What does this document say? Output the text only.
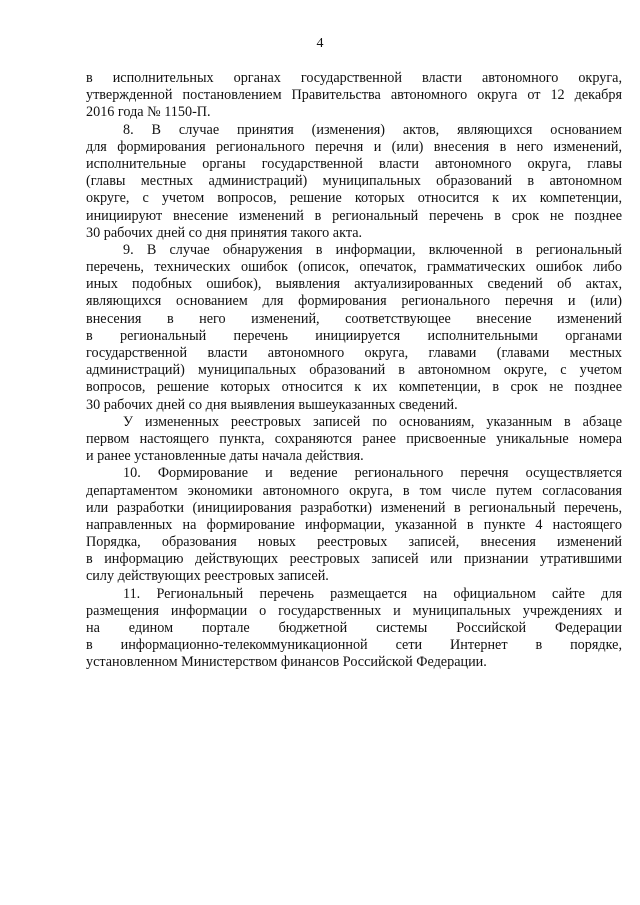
4
в исполнительных органах государственной власти автономного округа,
утвержденной постановлением Правительства автономного округа от 12 декабря
2016 года № 1150-П.
8. В случае принятия (изменения) актов, являющихся основанием
для формирования регионального перечня и (или) внесения в него изменений,
исполнительные органы государственной власти автономного округа, главы
(главы местных администраций) муниципальных образований в автономном
округе, с учетом вопросов, решение которых относится к их компетенции,
инициируют внесение изменений в региональный перечень в срок не позднее
30 рабочих дней со дня принятия такого акта.
9. В случае обнаружения в информации, включенной в региональный
перечень, технических ошибок (описок, опечаток, грамматических ошибок либо
иных подобных ошибок), выявления актуализированных сведений об актах,
являющихся основанием для формирования регионального перечня и (или)
внесения в него изменений, соответствующее внесение изменений
в региональный перечень инициируется исполнительными органами
государственной власти автономного округа, главами (главами местных
администраций) муниципальных образований в автономном округе, с учетом
вопросов, решение которых относится к их компетенции, в срок не позднее
30 рабочих дней со дня выявления вышеуказанных сведений.
У измененных реестровых записей по основаниям, указанным в абзаце
первом настоящего пункта, сохраняются ранее присвоенные уникальные номера
и ранее установленные даты начала действия.
10. Формирование и ведение регионального перечня осуществляется
департаментом экономики автономного округа, в том числе путем согласования
или разработки (инициирования разработки) изменений в региональный перечень,
направленных на формирование информации, указанной в пункте 4 настоящего
Порядка, образования новых реестровых записей, внесения изменений
в информацию действующих реестровых записей или признании утратившими
силу действующих реестровых записей.
11. Региональный перечень размещается на официальном сайте для
размещения информации о государственных и муниципальных учреждениях и
на едином портале бюджетной системы Российской Федерации
в информационно-телекоммуникационной сети Интернет в порядке,
установленном Министерством финансов Российской Федерации.
